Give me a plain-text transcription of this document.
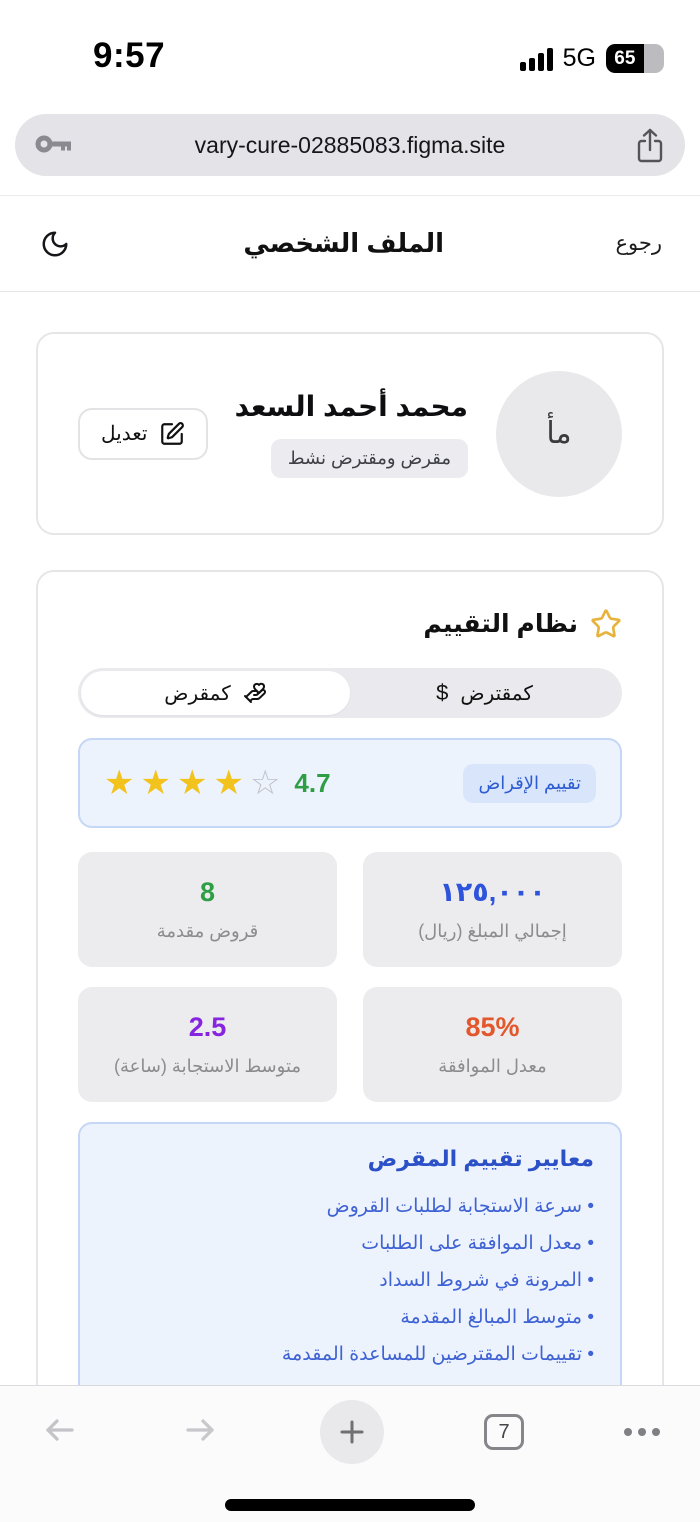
9:57	5G 65
vary-cure-02885083.figma.site
رجوع
الملف الشخصي
مأ
محمد أحمد السعد
مقرض ومقترض نشط
تعديل
نظام التقييم
كمقترض
$
كمقرض
تقييم الإقراض
★ ★ ★ ★ ☆ 4.7
١٢٥,٠٠٠
إجمالي المبلغ (ريال)
8
قروض مقدمة
85%
معدل الموافقة
2.5
متوسط الاستجابة (ساعة)
معايير تقييم المقرض
• سرعة الاستجابة لطلبات القروض
• معدل الموافقة على الطلبات
• المرونة في شروط السداد
• متوسط المبالغ المقدمة
• تقييمات المقترضين للمساعدة المقدمة
7
